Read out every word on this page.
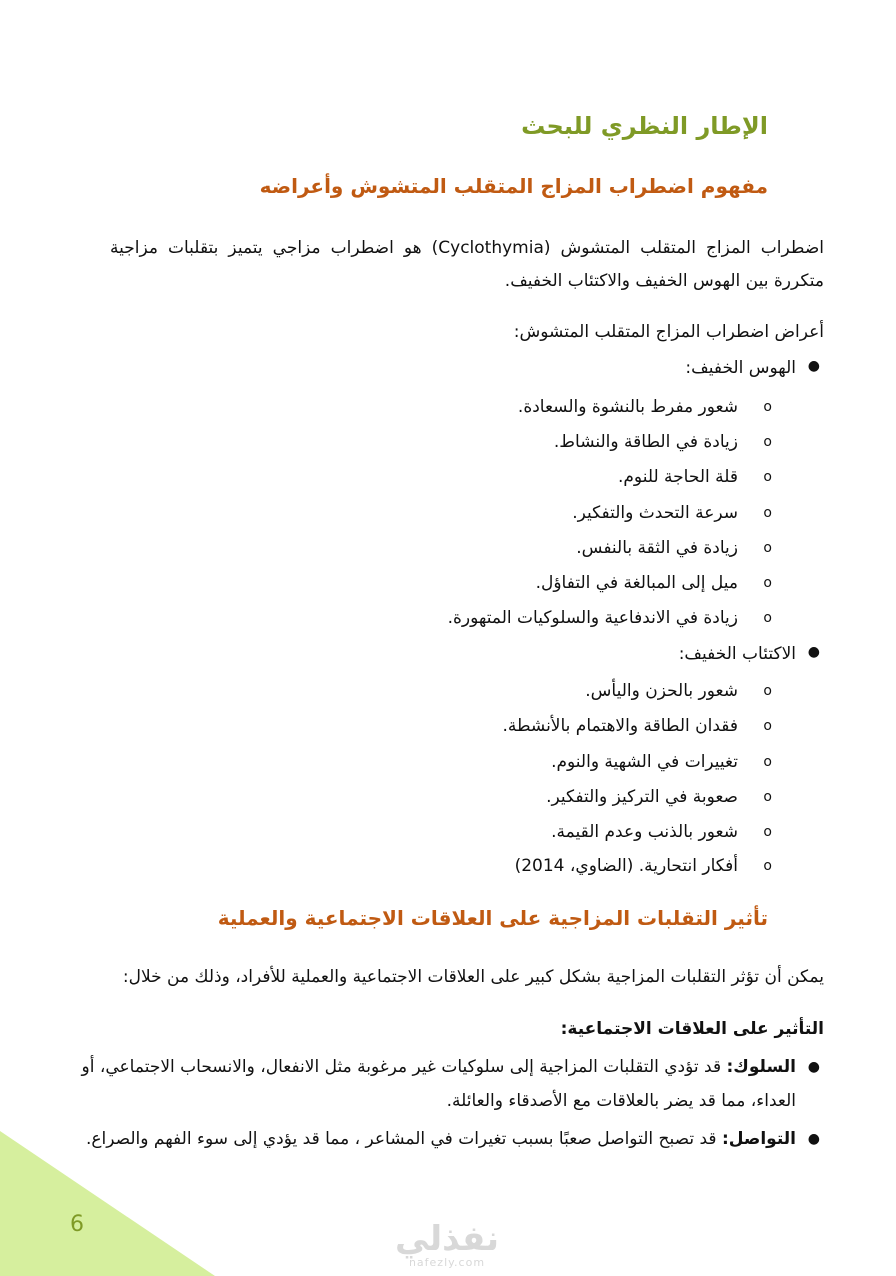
الإطار النظري للبحث
مفهوم اضطراب المزاج المتقلب المتشوش وأعراضه
اضطراب المزاج المتقلب المتشوش (Cyclothymia) هو اضطراب مزاجي يتميز بتقلبات مزاجية متكررة بين الهوس الخفيف والاكتئاب الخفيف.
أعراض اضطراب المزاج المتقلب المتشوش:
●
الهوس الخفيف:
o
شعور مفرط بالنشوة والسعادة.
o
زيادة في الطاقة والنشاط.
o
قلة الحاجة للنوم.
o
سرعة التحدث والتفكير.
o
زيادة في الثقة بالنفس.
o
ميل إلى المبالغة في التفاؤل.
o
زيادة في الاندفاعية والسلوكيات المتهورة.
●
الاكتئاب الخفيف:
o
شعور بالحزن واليأس.
o
فقدان الطاقة والاهتمام بالأنشطة.
o
تغييرات في الشهية والنوم.
o
صعوبة في التركيز والتفكير.
o
شعور بالذنب وعدم القيمة.
o
أفكار انتحارية. (الضاوي، 2014)
تأثير التقلبات المزاجية على العلاقات الاجتماعية والعملية
يمكن أن تؤثر التقلبات المزاجية بشكل كبير على العلاقات الاجتماعية والعملية للأفراد، وذلك من خلال:
التأثير على العلاقات الاجتماعية:
●
السلوك: قد تؤدي التقلبات المزاجية إلى سلوكيات غير مرغوبة مثل الانفعال، والانسحاب الاجتماعي، أو العداء، مما قد يضر بالعلاقات مع الأصدقاء والعائلة.
●
التواصل: قد تصبح التواصل صعبًا بسبب تغيرات في المشاعر ، مما قد يؤدي إلى سوء الفهم والصراع.
6	نفذلي
nafezly.com
